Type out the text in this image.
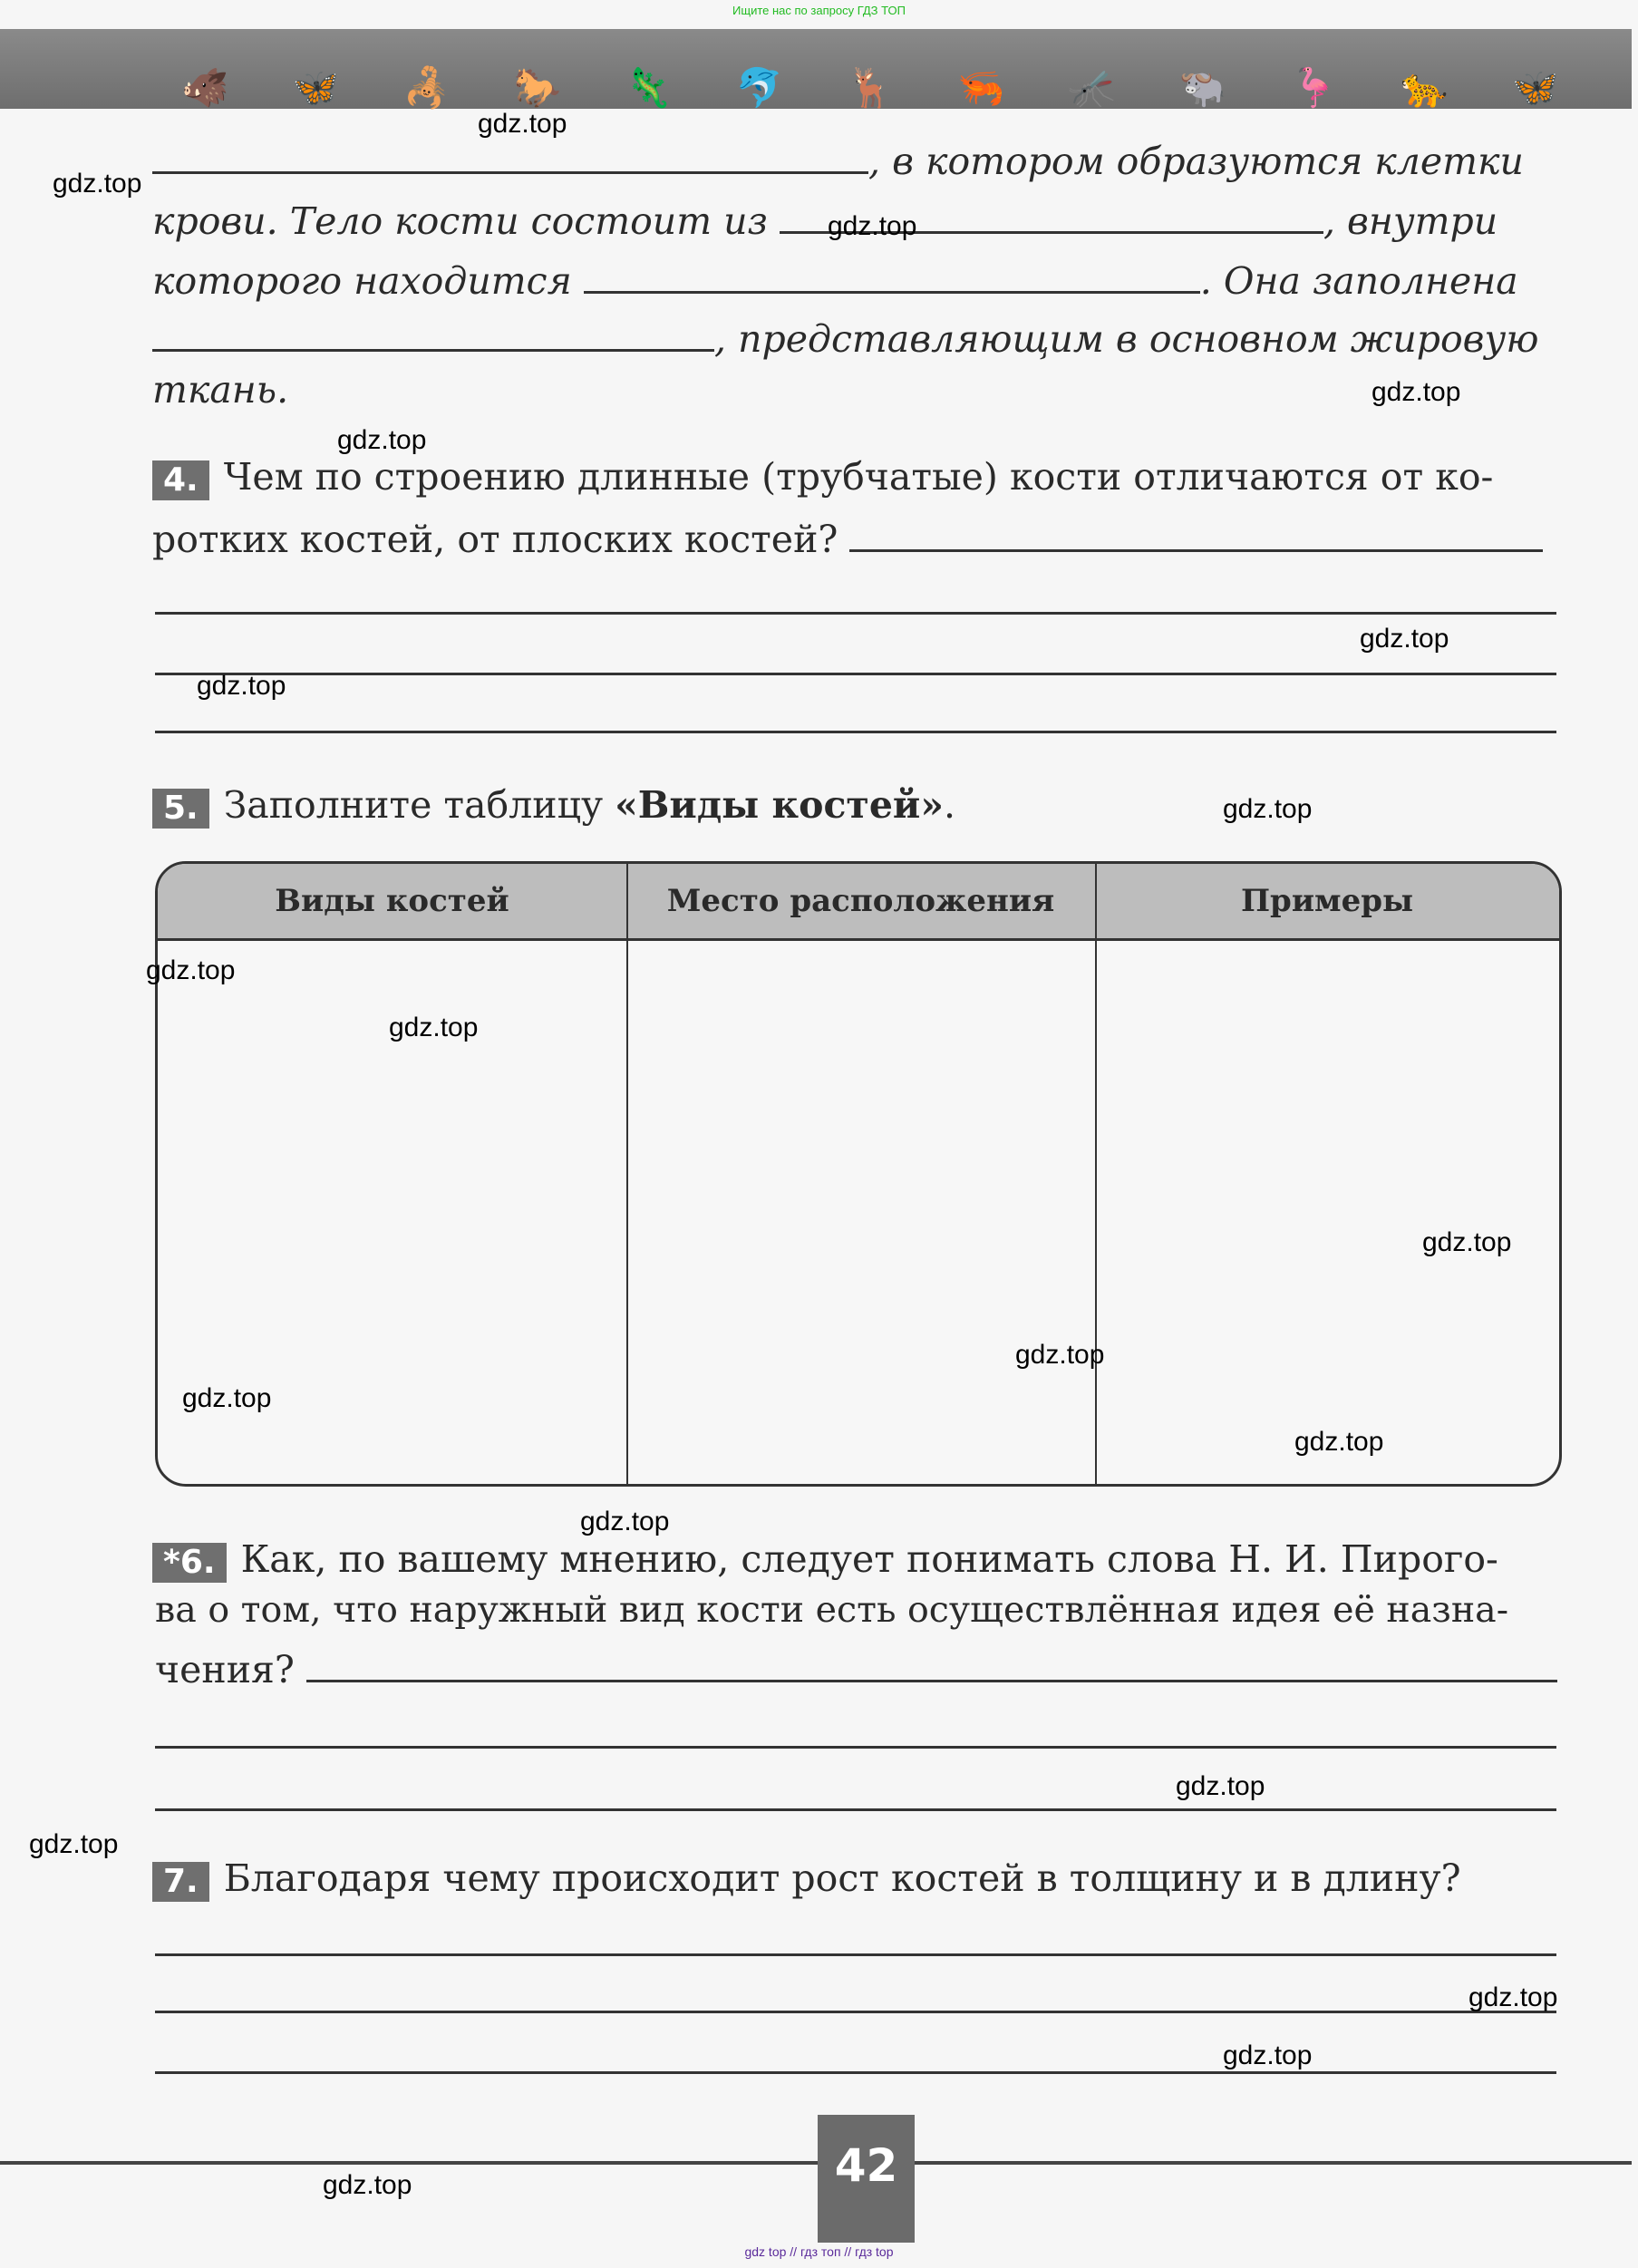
Ищите нас по запросу ГДЗ ТОП
🐗 🦋 🦂 🐎 🦎 🐬 🦌 🦐 🦟 🐃 🦩 🐆 🦋
, в котором образуются клетки
крови. Тело кости состоит из	, внутри
которого находится	. Она заполнена
, представляющим в основном жировую
ткань.
4. Чем по строению длинные (трубчатые) кости отличаются от ко-
ротких костей, от плоских костей?
5. Заполните таблицу «Виды костей».
Виды костей	Место расположения	Примеры
*6. Как, по вашему мнению, следует понимать слова Н. И. Пирого-
ва о том, что наружный вид кости есть осуществлённая идея её назна-
чения?
7. Благодаря чему происходит рост костей в толщину и в длину?
42
gdz top // гдз топ // гдз top
gdz.top
gdz.top
gdz.top
gdz.top
gdz.top
gdz.top
gdz.top
gdz.top
gdz.top
gdz.top
gdz.top
gdz.top
gdz.top
gdz.top
gdz.top
gdz.top
gdz.top
gdz.top
gdz.top
gdz.top
